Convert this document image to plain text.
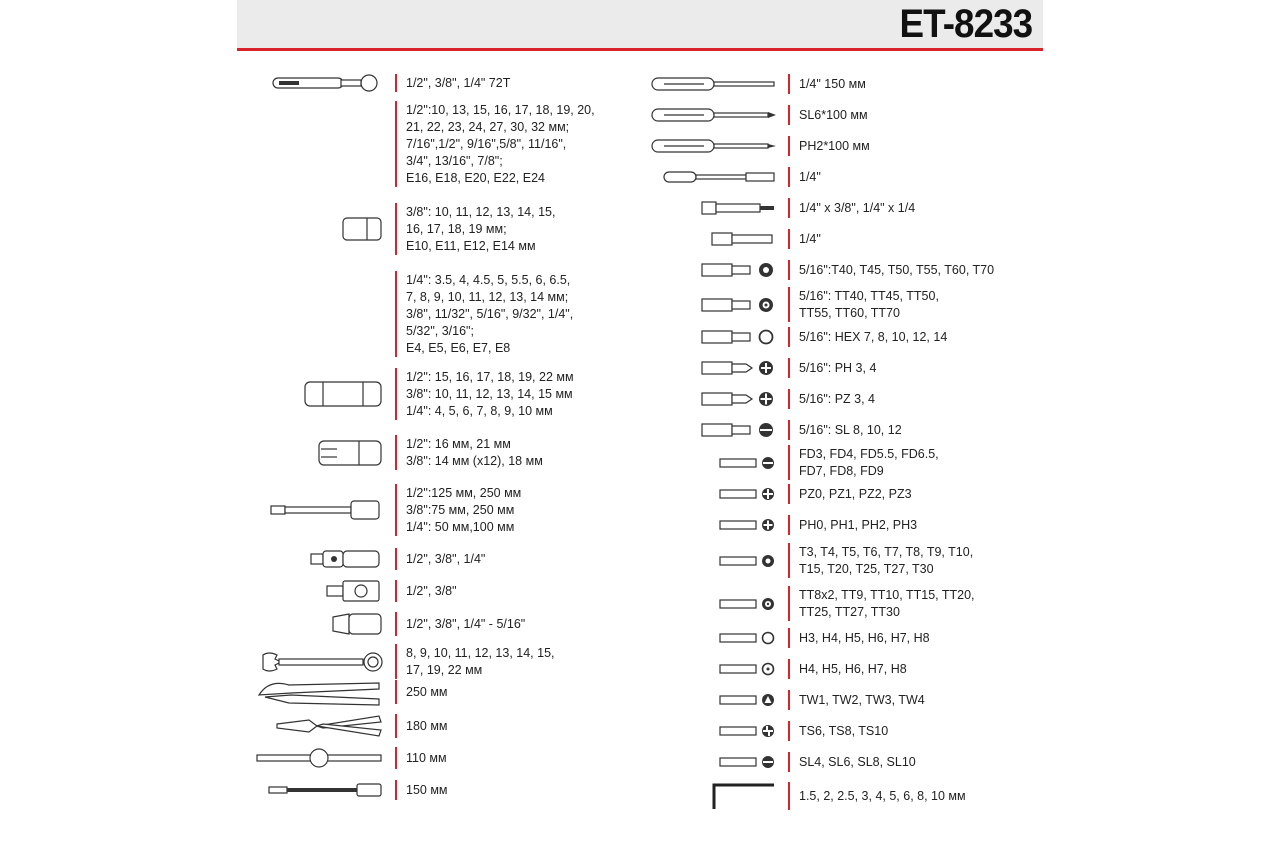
ET-8233
1/2", 3/8", 1/4" 72T
1/2":10, 13, 15, 16, 17, 18, 19, 20,
21, 22, 23, 24, 27, 30, 32 мм;
7/16",1/2", 9/16",5/8", 11/16",
3/4", 13/16", 7/8";
E16, E18, E20, E22, E24
3/8": 10, 11, 12, 13, 14, 15,
16, 17, 18, 19 мм;
E10, E11, E12, E14 мм
1/4": 3.5, 4, 4.5, 5, 5.5, 6, 6.5,
7, 8, 9, 10, 11, 12, 13, 14 мм;
3/8", 11/32", 5/16", 9/32", 1/4",
5/32", 3/16";
E4, E5, E6, E7, E8
1/2": 15, 16, 17, 18, 19, 22 мм
3/8": 10, 11, 12, 13, 14, 15 мм
1/4": 4, 5, 6, 7, 8, 9, 10 мм
1/2": 16 мм, 21 мм
3/8": 14 мм (x12), 18 мм
1/2":125 мм, 250 мм
3/8":75 мм, 250 мм
1/4": 50 мм,100 мм
1/2", 3/8", 1/4"
1/2", 3/8"
1/2", 3/8", 1/4" - 5/16"
8, 9, 10, 11, 12, 13, 14, 15,
17, 19, 22 мм
250 мм
180 мм
110 мм
150 мм
1/4" 150 мм
SL6*100 мм
PH2*100 мм
1/4"
1/4" x 3/8", 1/4" x 1/4
1/4"
5/16":T40, T45, T50, T55, T60, T70
5/16": TT40, TT45, TT50,
TT55, TT60, TT70
5/16": HEX 7, 8, 10, 12, 14
5/16": PH 3, 4
5/16": PZ 3, 4
5/16": SL 8, 10, 12
FD3, FD4, FD5.5, FD6.5,
FD7, FD8, FD9
PZ0, PZ1, PZ2, PZ3
PH0, PH1, PH2, PH3
T3, T4, T5, T6, T7, T8, T9, T10,
T15, T20, T25, T27, T30
TT8x2, TT9, TT10, TT15, TT20,
TT25, TT27, TT30
H3, H4, H5, H6, H7, H8
H4, H5, H6, H7, H8
TW1, TW2, TW3, TW4
TS6, TS8, TS10
SL4, SL6, SL8, SL10
1.5, 2, 2.5, 3, 4, 5, 6, 8, 10 мм
